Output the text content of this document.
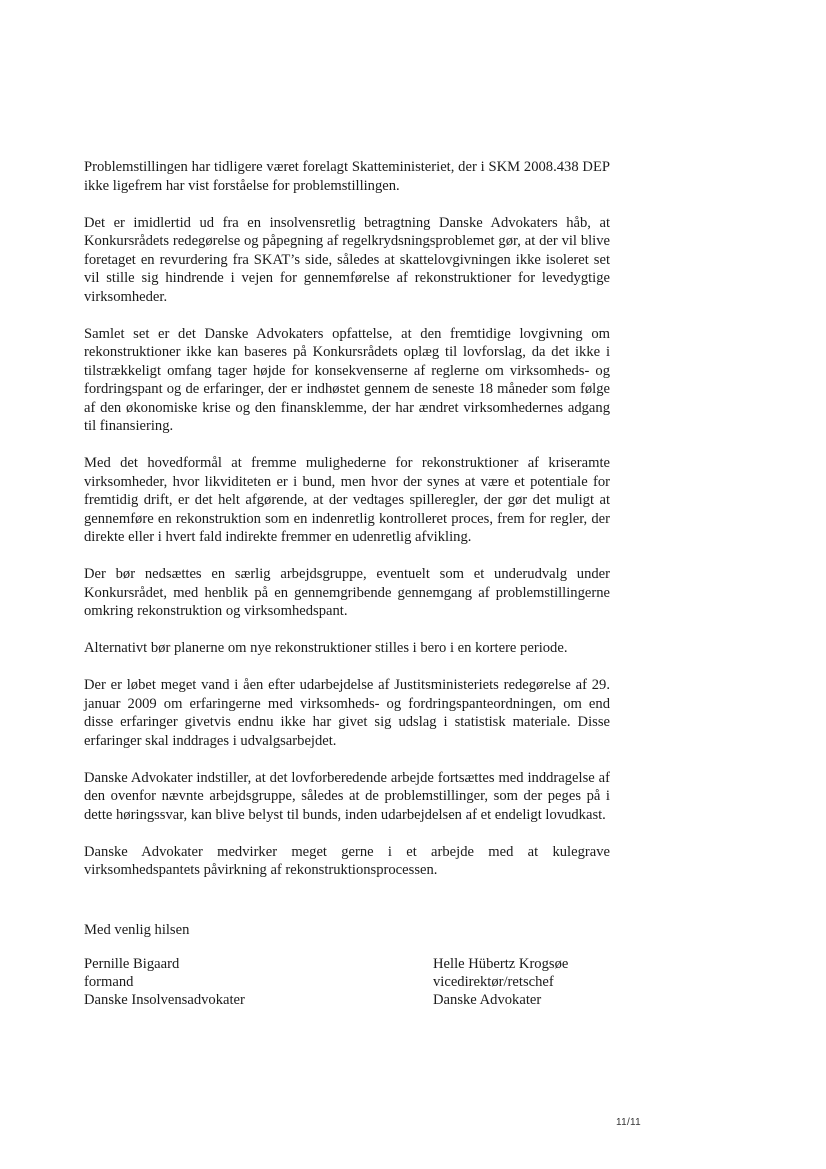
Problemstillingen har tidligere været forelagt Skatteministeriet, der i SKM 2008.438 DEP ikke ligefrem har vist forståelse for problemstillingen.

Det er imidlertid ud fra en insolvensretlig betragtning Danske Advokaters håb, at Konkursrådets redegørelse og påpegning af regelkrydsningsproblemet gør, at der vil blive foretaget en revurdering fra SKAT’s side, således at skattelovgivningen ikke isoleret set vil stille sig hindrende i vejen for gennemførelse af rekonstruktioner for levedygtige virksomheder.

Samlet set er det Danske Advokaters opfattelse, at den fremtidige lovgivning om rekonstruktioner ikke kan baseres på Konkursrådets oplæg til lovforslag, da det ikke i tilstrækkeligt omfang tager højde for konsekvenserne af reglerne om virksomheds- og fordringspant og de erfaringer, der er indhøstet gennem de seneste 18 måneder som følge af den økonomiske krise og den finansklemme, der har ændret virksomhedernes adgang til finansiering.

Med det hovedformål at fremme mulighederne for rekonstruktioner af kriseramte virksomheder, hvor likviditeten er i bund, men hvor der synes at være et potentiale for fremtidig drift, er det helt afgørende, at der vedtages spilleregler, der gør det muligt at gennemføre en rekonstruktion som en indenretlig kontrolleret proces, frem for regler, der direkte eller i hvert fald indirekte fremmer en udenretlig afvikling.

Der bør nedsættes en særlig arbejdsgruppe, eventuelt som et underudvalg under Konkursrådet, med henblik på en gennemgribende gennemgang af problemstillingerne omkring rekonstruktion og virksomhedspant.

Alternativt bør planerne om nye rekonstruktioner stilles i bero i en kortere periode.

Der er løbet meget vand i åen efter udarbejdelse af Justitsministeriets redegørelse af 29. januar 2009 om erfaringerne med virksomheds- og fordringspanteordningen, om end disse erfaringer givetvis endnu ikke har givet sig udslag i statistisk materiale. Disse erfaringer skal inddrages i udvalgsarbejdet.

Danske Advokater indstiller, at det lovforberedende arbejde fortsættes med inddragelse af den ovenfor nævnte arbejdsgruppe, således at de problemstillinger, som der peges på i dette høringssvar, kan blive belyst til bunds, inden udarbejdelsen af et endeligt lovudkast.

Danske Advokater medvirker meget gerne i et arbejde med at kulegrave virksomhedspantets påvirkning af rekonstruktionsprocessen.

Med venlig hilsen
Pernille Bigaard
formand
Danske Insolvensadvokater
Helle Hübertz Krogsøe
vicedirektør/retschef
Danske Advokater
11/11
